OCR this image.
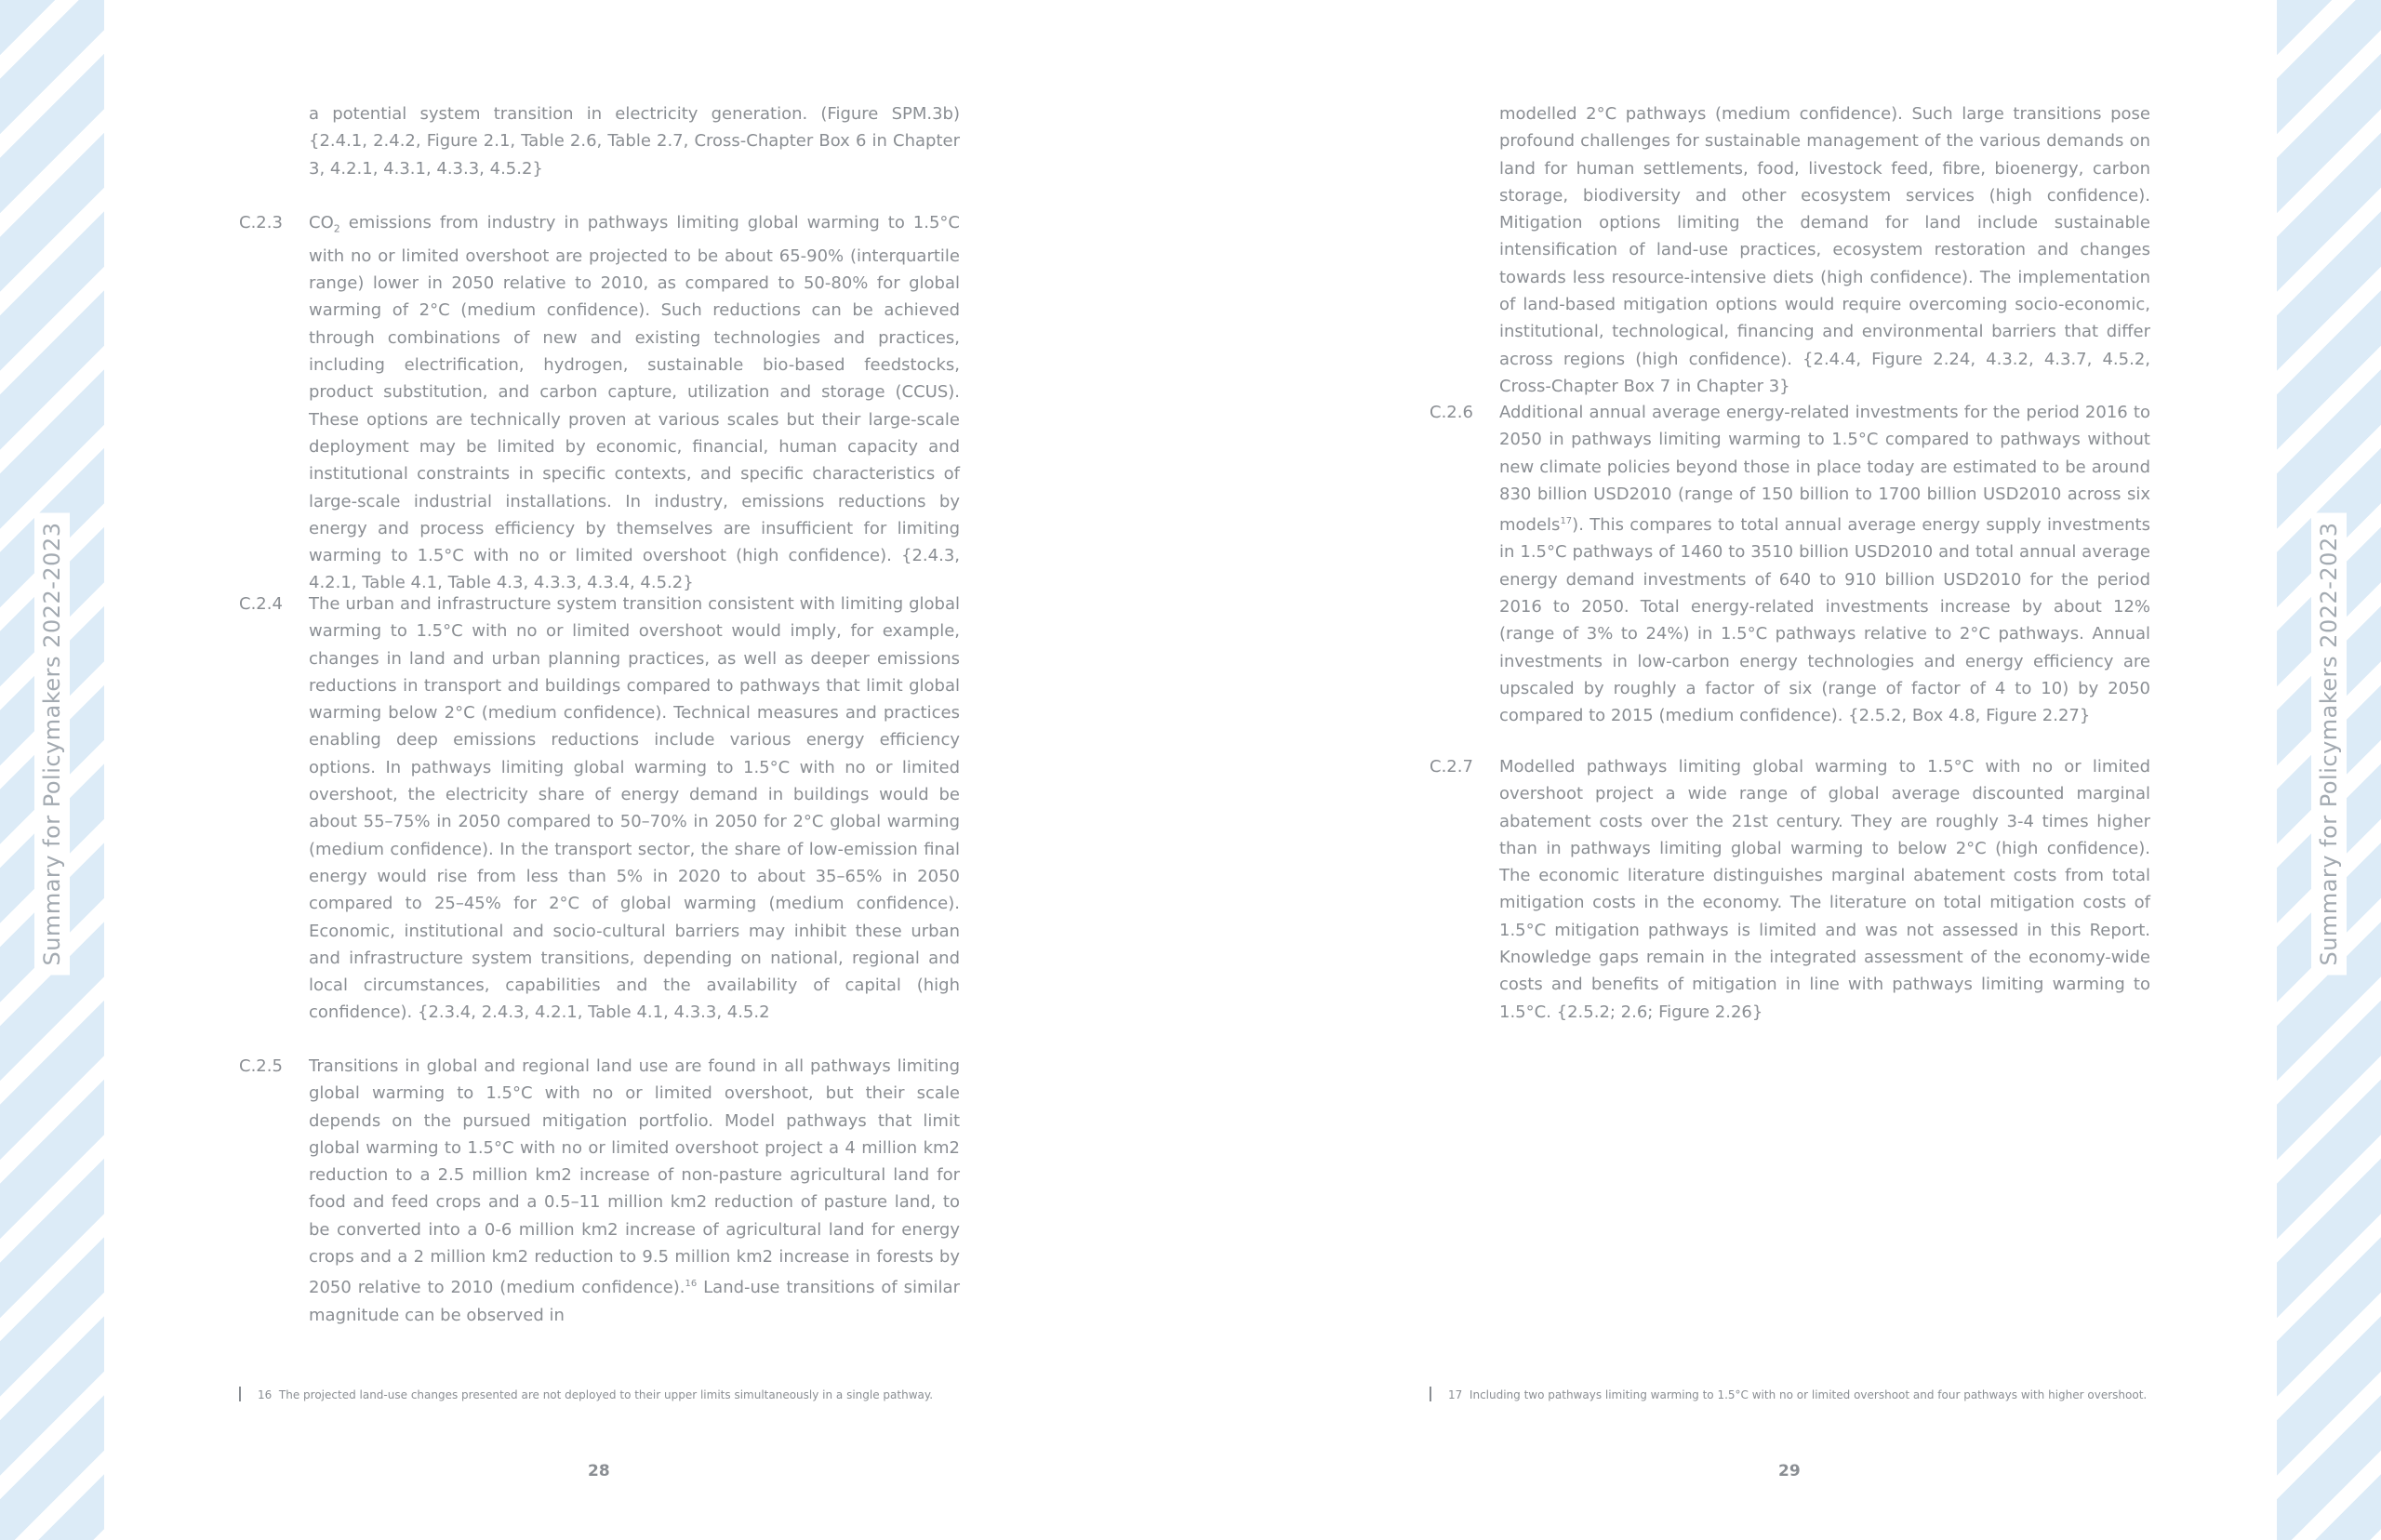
Summary for Policymakers 2022-2023	Summary for Policymakers 2022-2023
a potential system transition in electricity generation. (Figure SPM.3b) {2.4.1, 2.4.2, Figure 2.1, Table 2.6, Table 2.7, Cross-Chapter Box 6 in Chapter 3, 4.2.1, 4.3.1, 4.3.3, 4.5.2}
C.2.3	$CO_2$ emissions from industry in pathways limiting global warming to 1.5°C with no or limited overshoot are projected to be about 65-90% (interquartile range) lower in 2050 relative to 2010, as compared to 50-80% for global warming of 2°C (medium confidence). Such reductions can be achieved through combinations of new and existing technologies and practices, including electrification, hydrogen, sustainable bio-based feedstocks, product substitution, and carbon capture, utilization and storage (CCUS). These options are technically proven at various scales but their large-scale deployment may be limited by economic, financial, human capacity and institutional constraints in specific contexts, and specific characteristics of large-scale industrial installations. In industry, emissions reductions by energy and process efficiency by themselves are insufficient for limiting warming to 1.5°C with no or limited overshoot (high confidence). {2.4.3, 4.2.1, Table 4.1, Table 4.3, 4.3.3, 4.3.4, 4.5.2}
C.2.4	The urban and infrastructure system transition consistent with limiting global warming to 1.5°C with no or limited overshoot would imply, for example, changes in land and urban planning practices, as well as deeper emissions reductions in transport and buildings compared to pathways that limit global warming below 2°C (medium confidence). Technical measures and practices enabling deep emissions reductions include various energy efficiency options. In pathways limiting global warming to 1.5°C with no or limited overshoot, the electricity share of energy demand in buildings would be about 55–75% in 2050 compared to 50–70% in 2050 for 2°C global warming (medium confidence). In the transport sector, the share of low-emission final energy would rise from less than 5% in 2020 to about 35–65% in 2050 compared to 25–45% for 2°C of global warming (medium confidence). Economic, institutional and socio-cultural barriers may inhibit these urban and infrastructure system transitions, depending on national, regional and local circumstances, capabilities and the availability of capital (high confidence). {2.3.4, 2.4.3, 4.2.1, Table 4.1, 4.3.3, 4.5.2
C.2.5	Transitions in global and regional land use are found in all pathways limiting global warming to 1.5°C with no or limited overshoot, but their scale depends on the pursued mitigation portfolio. Model pathways that limit global warming to 1.5°C with no or limited overshoot project a 4 million km2 reduction to a 2.5 million km2 increase of non-pasture agricultural land for food and feed crops and a 0.5–11 million km2 reduction of pasture land, to be converted into a 0-6 million km2 increase of agricultural land for energy crops and a 2 million km2 reduction to 9.5 million km2 increase in forests by 2050 relative to 2010 (medium confidence).$^{16}$ Land-use transitions of similar magnitude can be observed in
16 The projected land-use changes presented are not deployed to their upper limits simultaneously in a single pathway.
28
modelled 2°C pathways (medium confidence). Such large transitions pose profound challenges for sustainable management of the various demands on land for human settlements, food, livestock feed, fibre, bioenergy, carbon storage, biodiversity and other ecosystem services (high confidence). Mitigation options limiting the demand for land include sustainable intensification of land-use practices, ecosystem restoration and changes towards less resource-intensive diets (high confidence). The implementation of land-based mitigation options would require overcoming socio-economic, institutional, technological, financing and environmental barriers that differ across regions (high confidence). {2.4.4, Figure 2.24, 4.3.2, 4.3.7, 4.5.2, Cross-Chapter Box 7 in Chapter 3}
C.2.6	Additional annual average energy-related investments for the period 2016 to 2050 in pathways limiting warming to 1.5°C compared to pathways without new climate policies beyond those in place today are estimated to be around 830 billion USD2010 (range of 150 billion to 1700 billion USD2010 across six models$^{17}$). This compares to total annual average energy supply investments in 1.5°C pathways of 1460 to 3510 billion USD2010 and total annual average energy demand investments of 640 to 910 billion USD2010 for the period 2016 to 2050. Total energy-related investments increase by about 12% (range of 3% to 24%) in 1.5°C pathways relative to 2°C pathways. Annual investments in low-carbon energy technologies and energy efficiency are upscaled by roughly a factor of six (range of factor of 4 to 10) by 2050 compared to 2015 (medium confidence). {2.5.2, Box 4.8, Figure 2.27}
C.2.7	Modelled pathways limiting global warming to 1.5°C with no or limited overshoot project a wide range of global average discounted marginal abatement costs over the 21st century. They are roughly 3-4 times higher than in pathways limiting global warming to below 2°C (high confidence). The economic literature distinguishes marginal abatement costs from total mitigation costs in the economy. The literature on total mitigation costs of 1.5°C mitigation pathways is limited and was not assessed in this Report. Knowledge gaps remain in the integrated assessment of the economy-wide costs and benefits of mitigation in line with pathways limiting warming to 1.5°C. {2.5.2; 2.6; Figure 2.26}
17 Including two pathways limiting warming to 1.5°C with no or limited overshoot and four pathways with higher overshoot.
29
